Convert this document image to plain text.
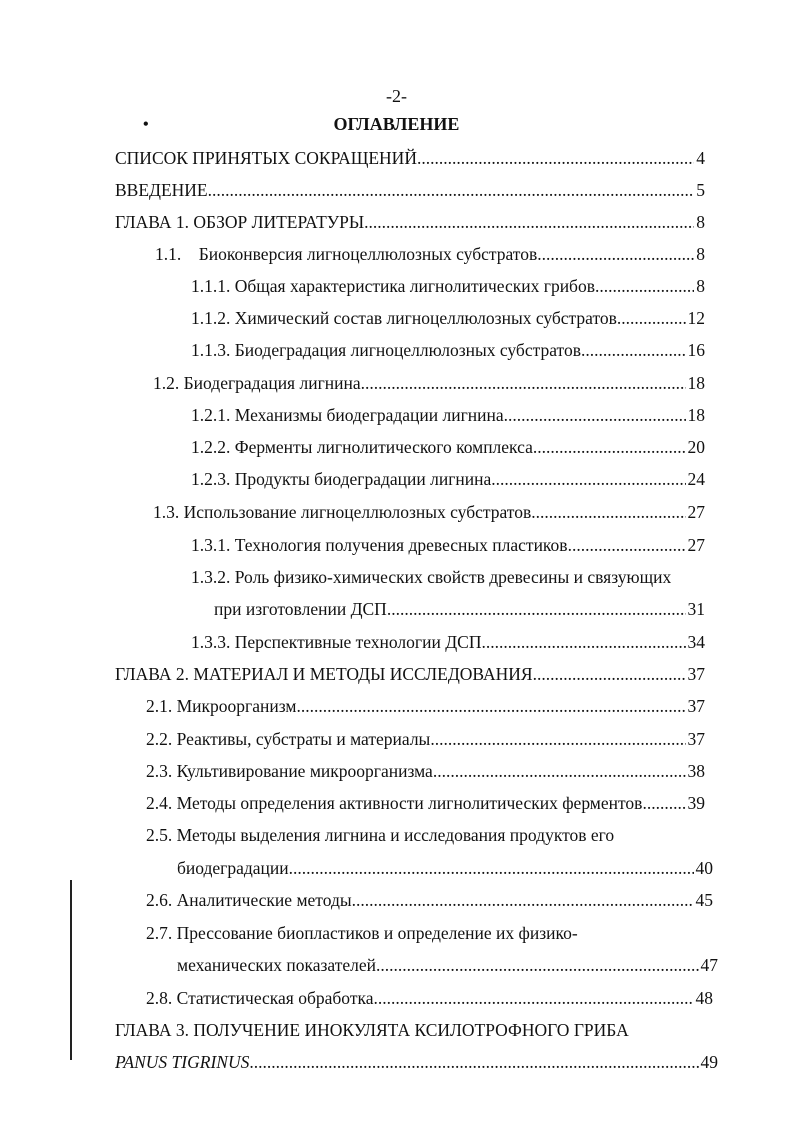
-2-
•	ОГЛАВЛЕНИЕ
СПИСОК ПРИНЯТЫХ СОКРАЩЕНИЙ	4
.....
ВВЕДЕНИЕ	5
.....
ГЛАВА 1. ОБЗОР ЛИТЕРАТУРЫ	8
.....
1.1.    Биоконверсия лигноцеллюлозных субстратов	8
.....
1.1.1. Общая характеристика лигнолитических грибов	8
.....
1.1.2. Химический состав лигноцеллюлозных субстратов	12
.....
1.1.3. Биодеградация лигноцеллюлозных субстратов	16
.....
1.2. Биодеградация лигнина	18
.....
1.2.1. Механизмы биодеградации лигнина	18
.....
1.2.2. Ферменты лигнолитического комплекса	20
.....
1.2.3. Продукты биодеградации лигнина	24
.....
1.3. Использование лигноцеллюлозных субстратов	27
.....
1.3.1. Технология получения древесных пластиков	27
.....
1.3.2. Роль физико-химических свойств древесины и связующих
при изготовлении ДСП	31
.....
1.3.3. Перспективные технологии ДСП	34
.....
ГЛАВА 2. МАТЕРИАЛ И МЕТОДЫ ИССЛЕДОВАНИЯ	37
.....
2.1. Микроорганизм	37
.....
2.2. Реактивы, субстраты и материалы	37
.....
2.3. Культивирование микроорганизма	38
.....
2.4. Методы определения активности лигнолитических ферментов	39
.....
2.5. Методы выделения лигнина и исследования продуктов его
биодеградации	40
.....
2.6. Аналитические методы	45
.....
2.7. Прессование биопластиков и определение их физико-
механических показателей	47
.....
2.8. Статистическая обработка	48
.....
ГЛАВА 3. ПОЛУЧЕНИЕ ИНОКУЛЯТА КСИЛОТРОФНОГО ГРИБА
PANUS TIGRINUS	49
.....
